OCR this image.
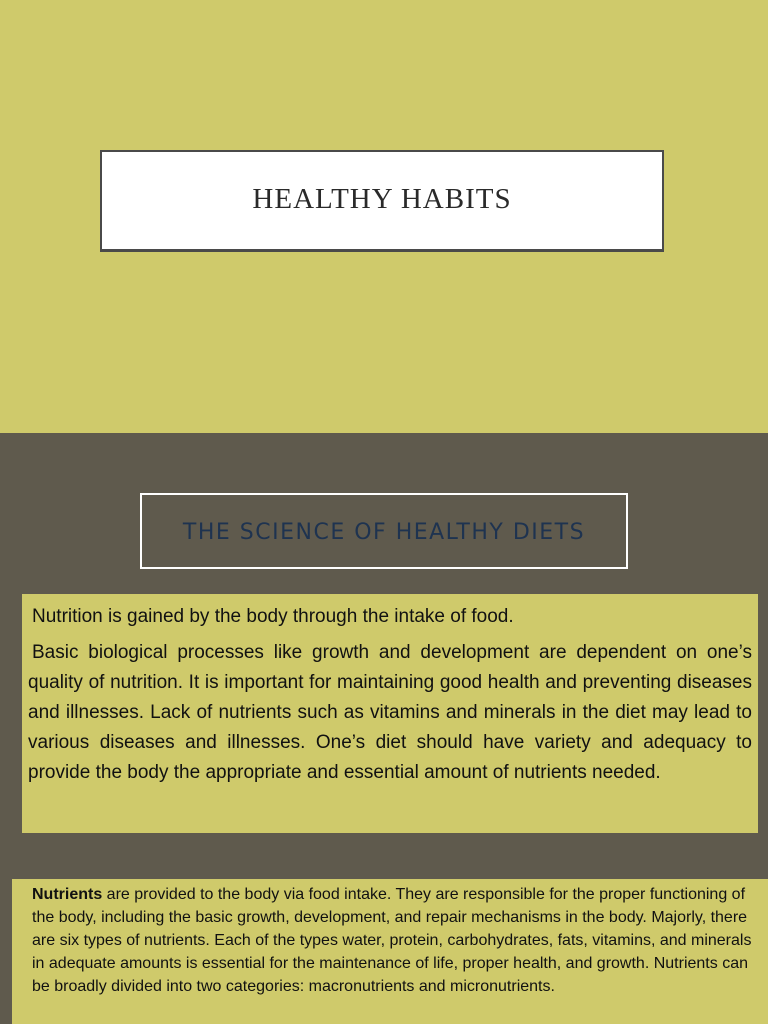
HEALTHY HABITS
THE SCIENCE OF HEALTHY DIETS

Nutrition is gained by the body through the intake of food.

Basic biological processes like growth and development are dependent on one’s quality of nutrition. It is important for maintaining good health and preventing diseases and illnesses. Lack of nutrients such as vitamins and minerals in the diet may lead to various diseases and illnesses. One’s diet should have variety and adequacy to provide the body the appropriate and essential amount of nutrients needed.

Nutrients are provided to the body via food intake. They are responsible for the proper functioning of the body, including the basic growth, development, and repair mechanisms in the body. Majorly, there are six types of nutrients. Each of the types water, protein, carbohydrates, fats, vitamins, and minerals in adequate amounts is essential for the maintenance of life, proper health, and growth. Nutrients can be broadly divided into two categories: macronutrients and micronutrients.
